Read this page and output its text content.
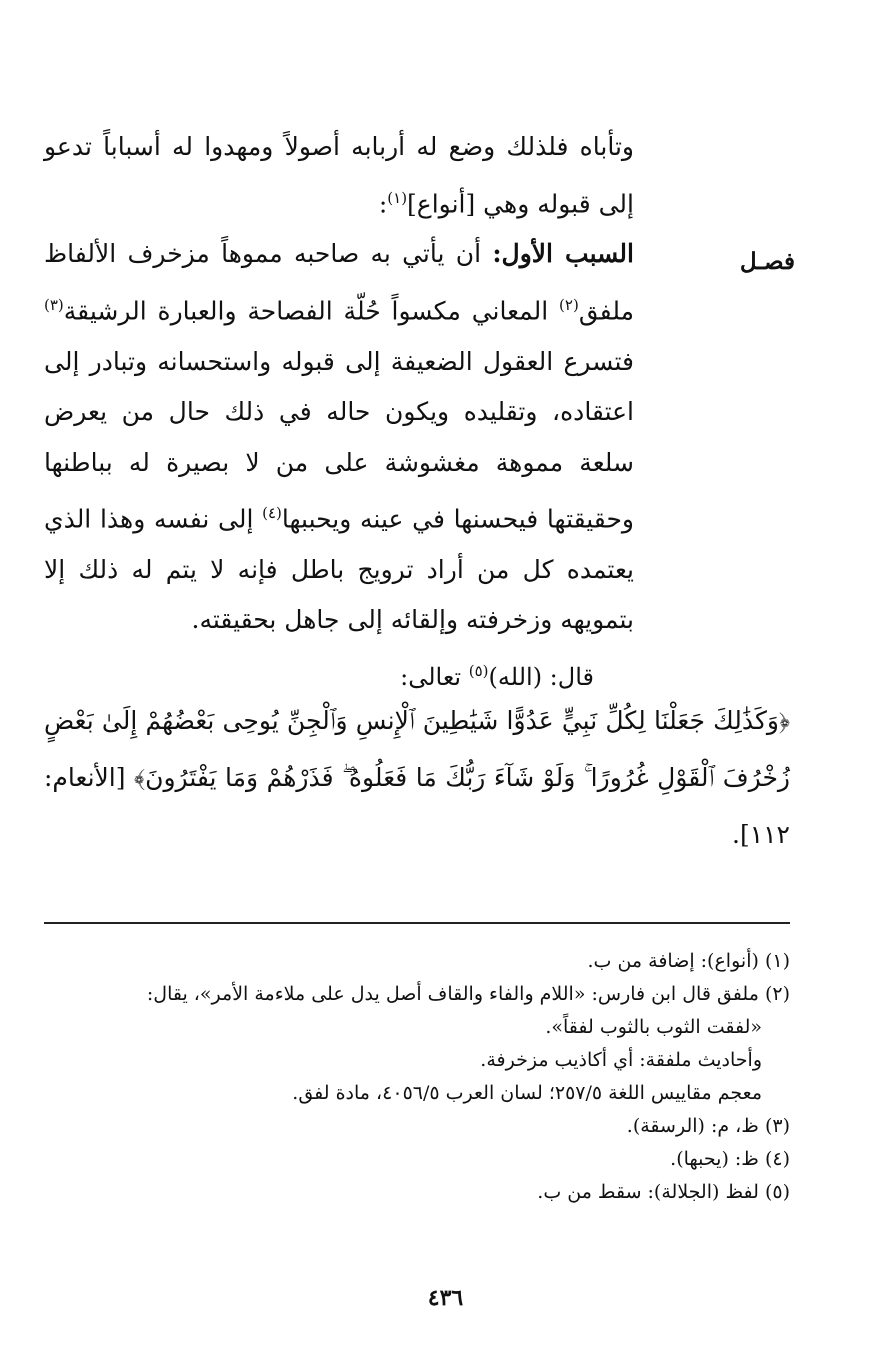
فصـل

وتأباه فلذلك وضع له أربابه أصولاً ومهدوا له أسباباً تدعو إلى قبوله وهي [أنواع]$^{(١)}$:

السبب الأول: أن يأتي به صاحبه مموهاً مزخرف الألفاظ ملفق$^{(٢)}$ المعاني مكسواً حُلّة الفصاحة والعبارة الرشيقة$^{(٣)}$ فتسرع العقول الضعيفة إلى قبوله واستحسانه وتبادر إلى اعتقاده، وتقليده ويكون حاله في ذلك حال من يعرض سلعة مموهة مغشوشة على من لا بصيرة له بباطنها وحقيقتها فيحسنها في عينه ويحببها$^{(٤)}$ إلى نفسه وهذا الذي يعتمده كل من أراد ترويج باطل فإنه لا يتم له ذلك إلا بتمويهه وزخرفته وإلقائه إلى جاهل بحقيقته.

قال: (الله)$^{(٥)}$ تعالى:

﴿وَكَذَٰلِكَ جَعَلْنَا لِكُلِّ نَبِيٍّ عَدُوًّا شَيَٰطِينَ ٱلْإِنسِ وَٱلْجِنِّ يُوحِى بَعْضُهُمْ إِلَىٰ بَعْضٍ زُخْرُفَ ٱلْقَوْلِ غُرُورًا ۚ وَلَوْ شَآءَ رَبُّكَ مَا فَعَلُوهُ ۖ فَذَرْهُمْ وَمَا يَفْتَرُونَ﴾ [الأنعام: ١١٢].

(١) (أنواع): إضافة من ب.

(٢) ملفق قال ابن فارس: «اللام والفاء والقاف أصل يدل على ملاءمة الأمر»، يقال:

«لفقت الثوب بالثوب لفقاً».

وأحاديث ملفقة: أي أكاذيب مزخرفة.

معجم مقاييس اللغة ٢٥٧/٥؛ لسان العرب ٤٠٥٦/٥، مادة لفق.

(٣) ظ، م: (الرسقة).

(٤) ظ: (يحبها).

(٥) لفظ (الجلالة): سقط من ب.

٤٣٦
